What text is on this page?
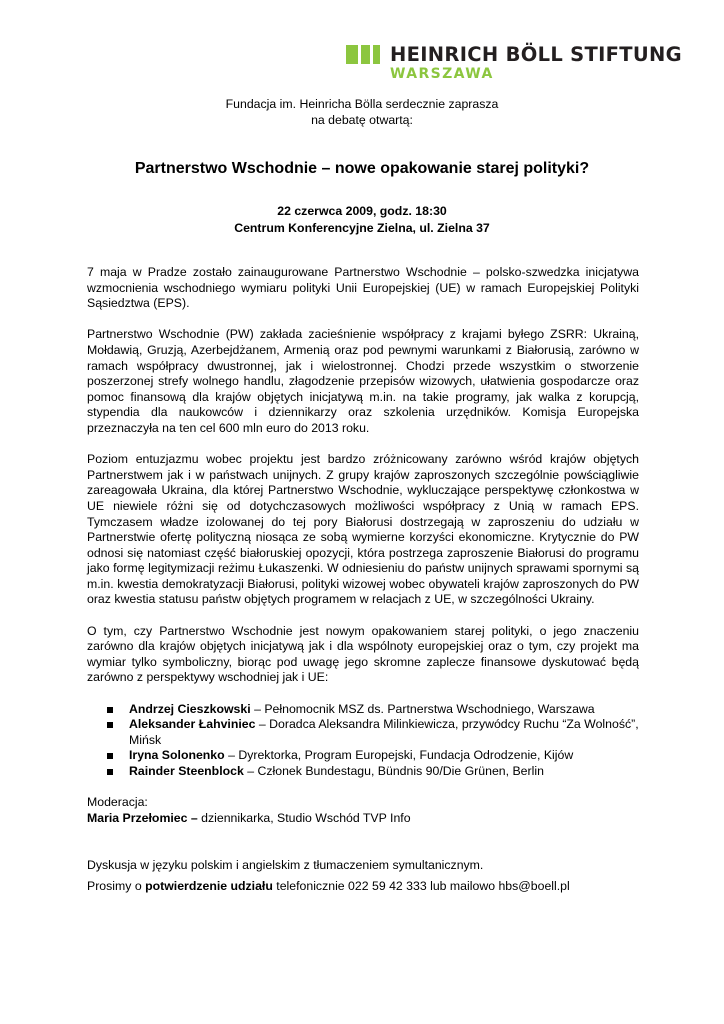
HEINRICH BÖLL STIFTUNG
WARSZAWA
Fundacja im. Heinricha Bölla serdecznie zaprasza
na debatę otwartą:
Partnerstwo Wschodnie – nowe opakowanie starej polityki?
22 czerwca 2009, godz. 18:30
Centrum Konferencyjne Zielna, ul. Zielna 37

7 maja w Pradze zostało zainaugurowane Partnerstwo Wschodnie – polsko-szwedzka inicjatywa wzmocnienia wschodniego wymiaru polityki Unii Europejskiej (UE) w ramach Europejskiej Polityki Sąsiedztwa (EPS).

Partnerstwo Wschodnie (PW) zakłada zacieśnienie współpracy z krajami byłego ZSRR: Ukrainą, Mołdawią, Gruzją, Azerbejdżanem, Armenią oraz pod pewnymi warunkami z Białorusią, zarówno w ramach współpracy dwustronnej, jak i wielostronnej. Chodzi przede wszystkim o stworzenie poszerzonej strefy wolnego handlu, złagodzenie przepisów wizowych, ułatwienia gospodarcze oraz pomoc finansową dla krajów objętych inicjatywą m.in. na takie programy, jak walka z korupcją, stypendia dla naukowców i dziennikarzy oraz szkolenia urzędników. Komisja Europejska przeznaczyła na ten cel 600 mln euro do 2013 roku.

Poziom entuzjazmu wobec projektu jest bardzo zróżnicowany zarówno wśród krajów objętych Partnerstwem jak i w państwach unijnych. Z grupy krajów zaproszonych szczególnie powściągliwie zareagowała Ukraina, dla której Partnerstwo Wschodnie, wykluczające perspektywę członkostwa w UE niewiele różni się od dotychczasowych możliwości współpracy z Unią w ramach EPS. Tymczasem władze izolowanej do tej pory Białorusi dostrzegają w zaproszeniu do udziału w Partnerstwie ofertę polityczną niosąca ze sobą wymierne korzyści ekonomiczne. Krytycznie do PW odnosi się natomiast część białoruskiej opozycji, która postrzega zaproszenie Białorusi do programu jako formę legitymizacji reżimu Łukaszenki. W odniesieniu do państw unijnych sprawami spornymi są m.in. kwestia demokratyzacji Białorusi, polityki wizowej wobec obywateli krajów zaproszonych do PW oraz kwestia statusu państw objętych programem w relacjach z UE, w szczególności Ukrainy.

O tym, czy Partnerstwo Wschodnie jest nowym opakowaniem starej polityki, o jego znaczeniu zarówno dla krajów objętych inicjatywą jak i dla wspólnoty europejskiej oraz o tym, czy projekt ma wymiar tylko symboliczny, biorąc pod uwagę jego skromne zaplecze finansowe dyskutować będą zarówno z perspektywy wschodniej jak i UE:

Andrzej Cieszkowski – Pełnomocnik MSZ ds. Partnerstwa Wschodniego, Warszawa
Aleksander Łahviniec – Doradca Aleksandra Milinkiewicza, przywódcy Ruchu “Za Wolność”, Mińsk
Iryna Solonenko – Dyrektorka, Program Europejski, Fundacja Odrodzenie, Kijów
Rainder Steenblock – Członek Bundestagu, Bündnis 90/Die Grünen, Berlin
Moderacja:
Maria Przełomiec – dziennikarka, Studio Wschód TVP Info
Dyskusja w języku polskim i angielskim z tłumaczeniem symultanicznym.
Prosimy o potwierdzenie udziału telefonicznie 022 59 42 333 lub mailowo hbs@boell.pl
